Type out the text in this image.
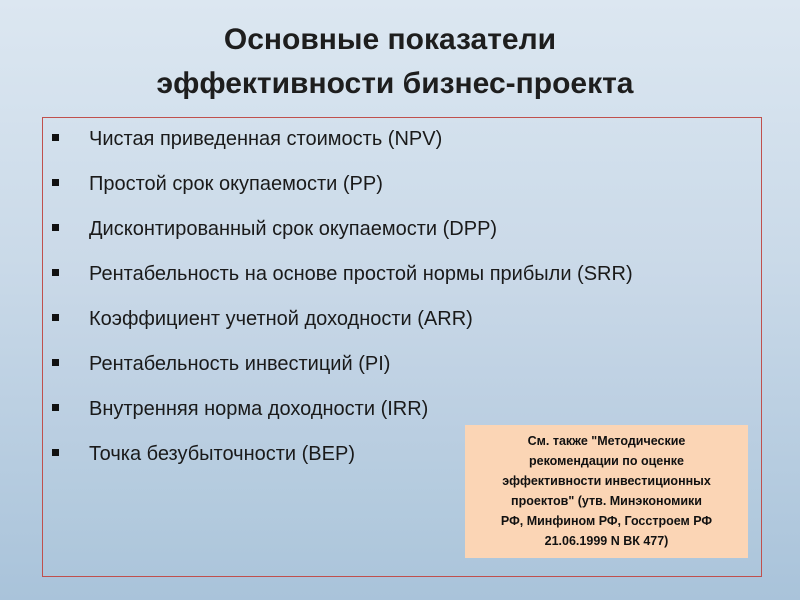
Основные показатели
эффективности бизнес-проекта
Чистая приведенная стоимость (NPV)
Простой срок окупаемости (PP)
Дисконтированный срок окупаемости (DPP)
Рентабельность на основе простой нормы прибыли (SRR)
Коэффициент учетной доходности (ARR)
Рентабельность инвестиций (PI)
Внутренняя норма доходности (IRR)
Точка безубыточности (BEP)
См. также "Методические
рекомендации по оценке
эффективности инвестиционных
проектов" (утв. Минэкономики
РФ, Минфином РФ, Госстроем РФ
21.06.1999 N ВК 477)
